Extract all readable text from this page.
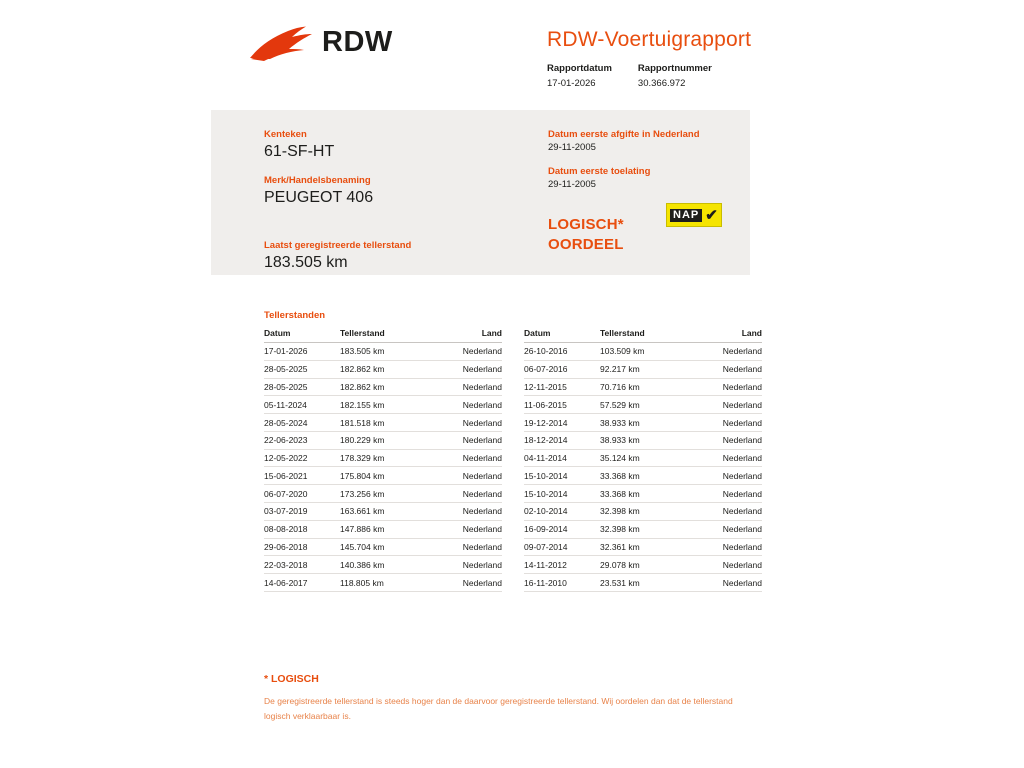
RDW	RDW-Voertuigrapport
Rapportdatum
17-01-2026
Rapportnummer
30.366.972
Kenteken
61-SF-HT
Merk/Handelsbenaming
PEUGEOT 406
Laatst geregistreerde tellerstand
183.505 km
Datum eerste afgifte in Nederland
29-11-2005
Datum eerste toelating
29-11-2005
LOGISCH*
OORDEEL
NAP ✔
Tellerstanden
Datum	Tellerstand	Land
17-01-2026	183.505 km	Nederland
28-05-2025	182.862 km	Nederland
28-05-2025	182.862 km	Nederland
05-11-2024	182.155 km	Nederland
28-05-2024	181.518 km	Nederland
22-06-2023	180.229 km	Nederland
12-05-2022	178.329 km	Nederland
15-06-2021	175.804 km	Nederland
06-07-2020	173.256 km	Nederland
03-07-2019	163.661 km	Nederland
08-08-2018	147.886 km	Nederland
29-06-2018	145.704 km	Nederland
22-03-2018	140.386 km	Nederland
14-06-2017	118.805 km	Nederland
Datum	Tellerstand	Land
26-10-2016	103.509 km	Nederland
06-07-2016	92.217 km	Nederland
12-11-2015	70.716 km	Nederland
11-06-2015	57.529 km	Nederland
19-12-2014	38.933 km	Nederland
18-12-2014	38.933 km	Nederland
04-11-2014	35.124 km	Nederland
15-10-2014	33.368 km	Nederland
15-10-2014	33.368 km	Nederland
02-10-2014	32.398 km	Nederland
16-09-2014	32.398 km	Nederland
09-07-2014	32.361 km	Nederland
14-11-2012	29.078 km	Nederland
16-11-2010	23.531 km	Nederland
* LOGISCH
De geregistreerde tellerstand is steeds hoger dan de daarvoor geregistreerde tellerstand. Wij oordelen dan dat de tellerstand logisch verklaarbaar is.
